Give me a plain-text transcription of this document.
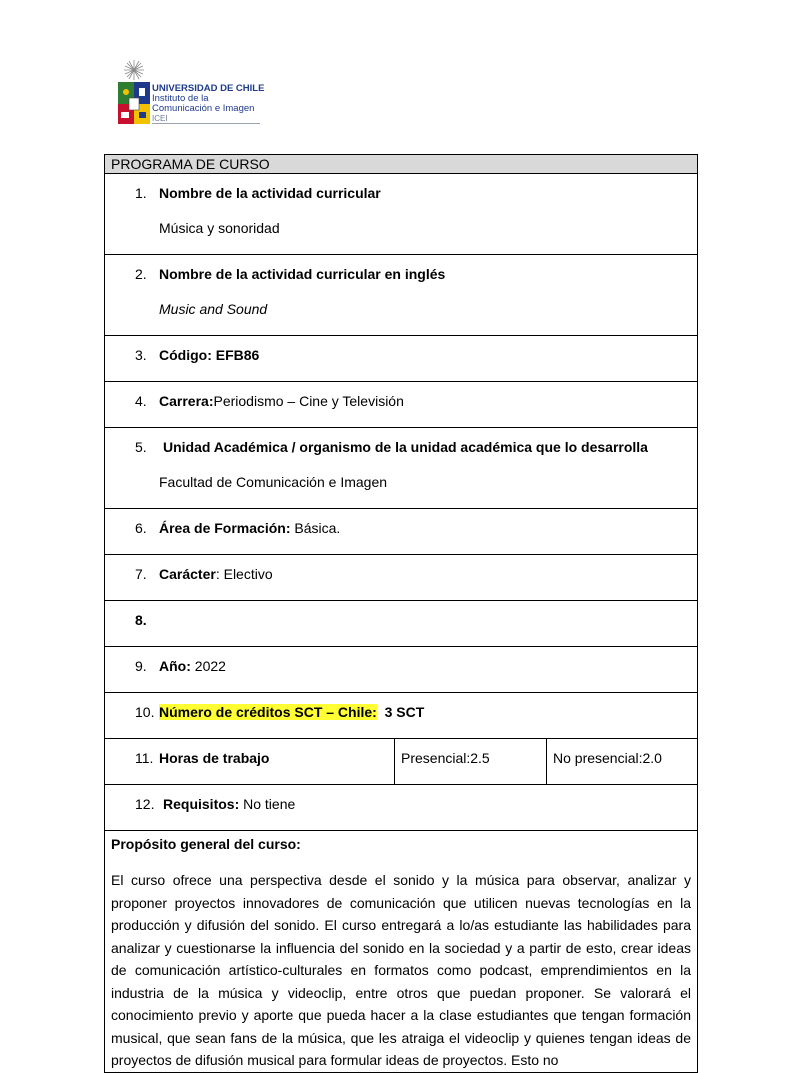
UNIVERSIDAD DE CHILE
Instituto de la
Comunicación e Imagen
ICEI
PROGRAMA DE CURSO

1. Nombre de la actividad curricular
Música y sonoridad

2. Nombre de la actividad curricular en inglés
Music and Sound

3. Código: EFB86

4. Carrera:Periodismo – Cine y Televisión

5.	Unidad Académica / organismo de la unidad académica que lo desarrolla
Facultad de Comunicación e Imagen

6. Área de Formación: Básica.

7. Carácter: Electivo

8.

9. Año: 2022

10. Número de créditos SCT – Chile: 3 SCT

11. Horas de trabajo	Presencial:2.5	No presencial:2.0

12. Requisitos: No tiene

Propósito general del curso:

El curso ofrece una perspectiva desde el sonido y la música para observar, analizar y proponer proyectos innovadores de comunicación que utilicen nuevas tecnologías en la producción y difusión del sonido. El curso entregará a lo/as estudiante las habilidades para analizar y cuestionarse la influencia del sonido en la sociedad y a partir de esto, crear ideas de comunicación artístico-culturales en formatos como podcast, emprendimientos en la industria de la música y videoclip, entre otros que puedan proponer. Se valorará el conocimiento previo y aporte que pueda hacer a la clase estudiantes que tengan formación musical, que sean fans de la música, que les atraiga el videoclip y quienes tengan ideas de proyectos de difusión musical para formular ideas de proyectos. Esto no
